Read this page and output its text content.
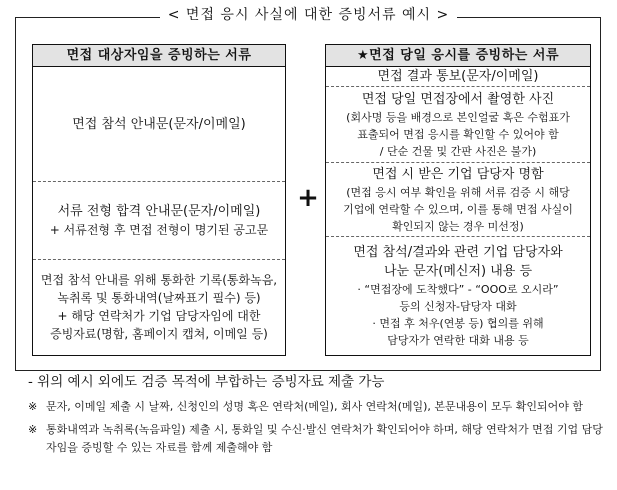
< 면접 응시 사실에 대한 증빙서류 예시 >
면접 대상자임을 증빙하는 서류
면접 참석 안내문(문자/이메일)
서류 전형 합격 안내문(문자/이메일)
+ 서류전형 후 면접 전형이 명기된 공고문
면접 참석 안내를 위해 통화한 기록(통화녹음,
녹취록 및 통화내역(날짜표기 필수) 등)
+ 해당 연락처가 기업 담당자임에 대한
증빙자료(명함, 홈페이지 캡쳐, 이메일 등)
+
★면접 당일 응시를 증빙하는 서류
면접 결과 통보(문자/이메일)
면접 당일 면접장에서 촬영한 사진
(회사명 등을 배경으로 본인얼굴 혹은 수험표가
표출되어 면접 응시를 확인할 수 있어야 함
/ 단순 건물 및 간판 사진은 불가)
면접 시 받은 기업 담당자 명함
(면접 응시 여부 확인을 위해 서류 검증 시 해당
기업에 연락할 수 있으며, 이를 통해 면접 사실이
확인되지 않는 경우 미선정)
면접 참석/결과와 관련 기업 담당자와
나눈 문자(메신저) 내용 등
· “면접장에 도착했다” - “OOO로 오시라”
등의 신청자-담당자 대화
· 면접 후 처우(연봉 등) 협의를 위해
담당자가 연락한 대화 내용 등
- 위의 예시 외에도 검증 목적에 부합하는 증빙자료 제출 가능
※ 문자, 이메일 제출 시 날짜, 신청인의 성명 혹은 연락처(메일), 회사 연락처(메일), 본문내용이 모두 확인되어야 함
※ 통화내역과 녹취록(녹음파일) 제출 시, 통화일 및 수신·발신 연락처가 확인되어야 하며, 해당 연락처가 면접 기업 담당자임을 증빙할 수 있는 자료를 함께 제출해야 함
